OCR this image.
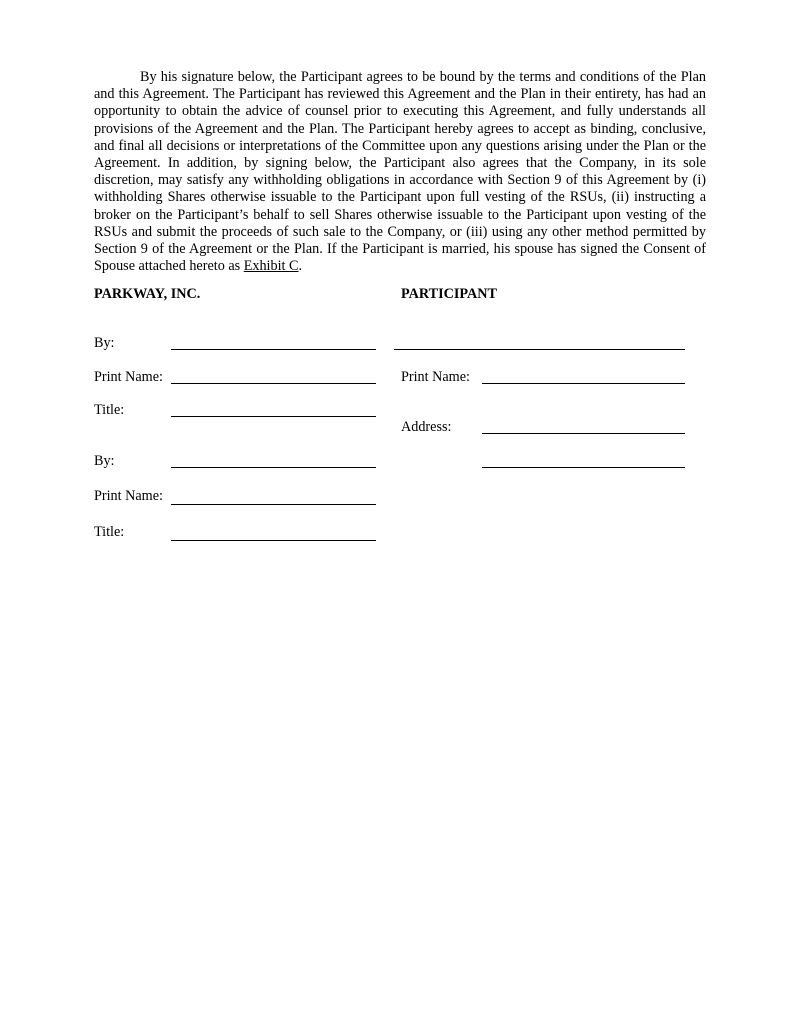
By his signature below, the Participant agrees to be bound by the terms and conditions of the Plan and this Agreement. The Participant has reviewed this Agreement and the Plan in their entirety, has had an opportunity to obtain the advice of counsel prior to executing this Agreement, and fully understands all provisions of the Agreement and the Plan. The Participant hereby agrees to accept as binding, conclusive, and final all decisions or interpretations of the Committee upon any questions arising under the Plan or the Agreement. In addition, by signing below, the Participant also agrees that the Company, in its sole discretion, may satisfy any withholding obligations in accordance with Section 9 of this Agreement by (i) withholding Shares otherwise issuable to the Participant upon full vesting of the RSUs, (ii) instructing a broker on the Participant’s behalf to sell Shares otherwise issuable to the Participant upon vesting of the RSUs and submit the proceeds of such sale to the Company, or (iii) using any other method permitted by Section 9 of the Agreement or the Plan. If the Participant is married, his spouse has signed the Consent of Spouse attached hereto as Exhibit C.

PARKWAY, INC.
By:
Print Name:
Title:
By:
Print Name:
Title:
PARTICIPANT
Print Name:
Address:
